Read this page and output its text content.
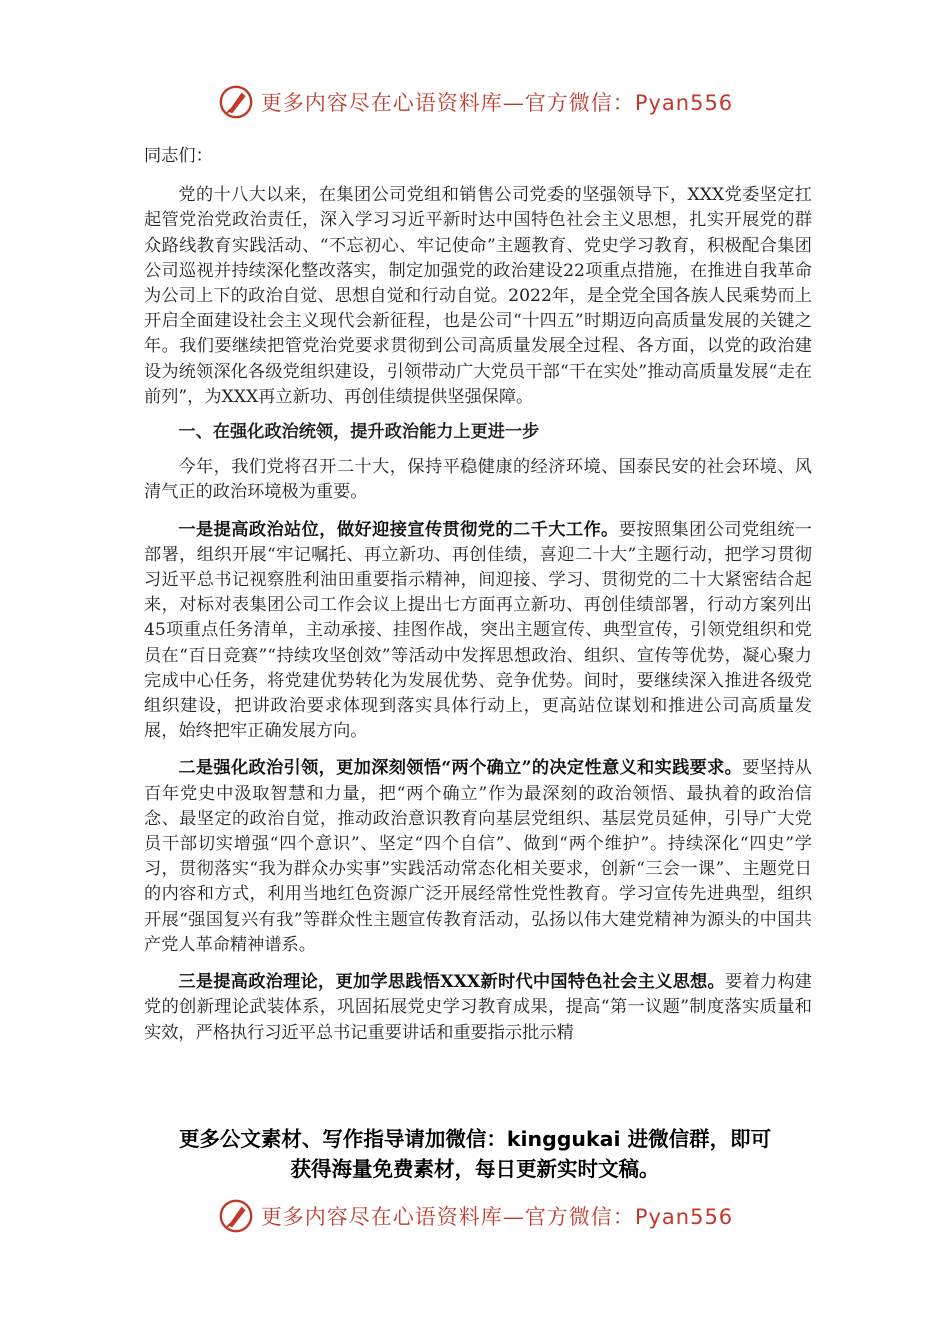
更多内容尽在心语资料库—官方微信：Pyan556

同志们：

党的十八大以来，在集团公司党组和销售公司党委的坚强领导下，XXX党委坚定扛起管党治党政治责任，深入学习习近平新时达中国特色社会主义思想，扎实开展党的群众路线教育实践活动、“不忘初心、牢记使命”主题教育、党史学习教育，积极配合集团公司巡视并持续深化整改落实，制定加强党的政治建设22项重点措施，在推进自我革命为公司上下的政治自觉、思想自觉和行动自觉。2022年，是全党全国各族人民乘势而上开启全面建设社会主义现代会新征程，也是公司“十四五”时期迈向高质量发展的关键之年。我们要继续把管党治党要求贯彻到公司高质量发展全过程、各方面，以党的政治建设为统领深化各级党组织建设，引领带动广大党员干部“干在实处”推动高质量发展“走在前列”，为XXX再立新功、再创佳绩提供坚强保障。

一、在强化政治统领，提升政治能力上更进一步

今年，我们党将召开二十大，保持平稳健康的经济环境、国泰民安的社会环境、风清气正的政治环境极为重要。

一是提高政治站位，做好迎接宣传贯彻党的二千大工作。要按照集团公司党组统一部署，组织开展“牢记嘱托、再立新功、再创佳绩，喜迎二十大”主题行动，把学习贯彻习近平总书记视察胜利油田重要指示精神，间迎接、学习、贯彻党的二十大紧密结合起来，对标对表集团公司工作会议上提出七方面再立新功、再创佳绩部署，行动方案列出45项重点任务清单，主动承接、挂图作战，突出主题宣传、典型宣传，引领党组织和党员在“百日竞赛”“持续攻坚创效”等活动中发挥思想政治、组织、宣传等优势，凝心聚力完成中心任务，将党建优势转化为发展优势、竞争优势。间时，要继续深入推进各级党组织建设，把讲政治要求体现到落实具体行动上，更高站位谋划和推进公司高质量发展，始终把牢正确发展方向。

二是强化政治引领，更加深刻领悟“两个确立”的决定性意义和实践要求。要坚持从百年党史中汲取智慧和力量，把“两个确立”作为最深刻的政治领悟、最执着的政治信念、最坚定的政治自觉，推动政治意识教育向基层党组织、基层党员延伸，引导广大党员干部切实增强“四个意识”、坚定“四个自信”、做到“两个维护”。持续深化“四史”学习，贯彻落实“我为群众办实事”实践活动常态化相关要求，创新“三会一课”、主题党日的内容和方式，利用当地红色资源广泛开展经常性党性教育。学习宣传先进典型，组织开展“强国复兴有我”等群众性主题宣传教育活动，弘扬以伟大建党精神为源头的中国共产党人革命精神谱系。

三是提高政治理论，更加学思践悟XXX新时代中国特色社会主义思想。要着力构建党的创新理论武装体系，巩固拓展党史学习教育成果，提高“第一议题”制度落实质量和实效，严格执行习近平总书记重要讲话和重要指示批示精

更多公文素材、写作指导请加微信：kinggukai 进微信群，即可
获得海量免费素材，每日更新实时文稿。
更多内容尽在心语资料库—官方微信：Pyan556
